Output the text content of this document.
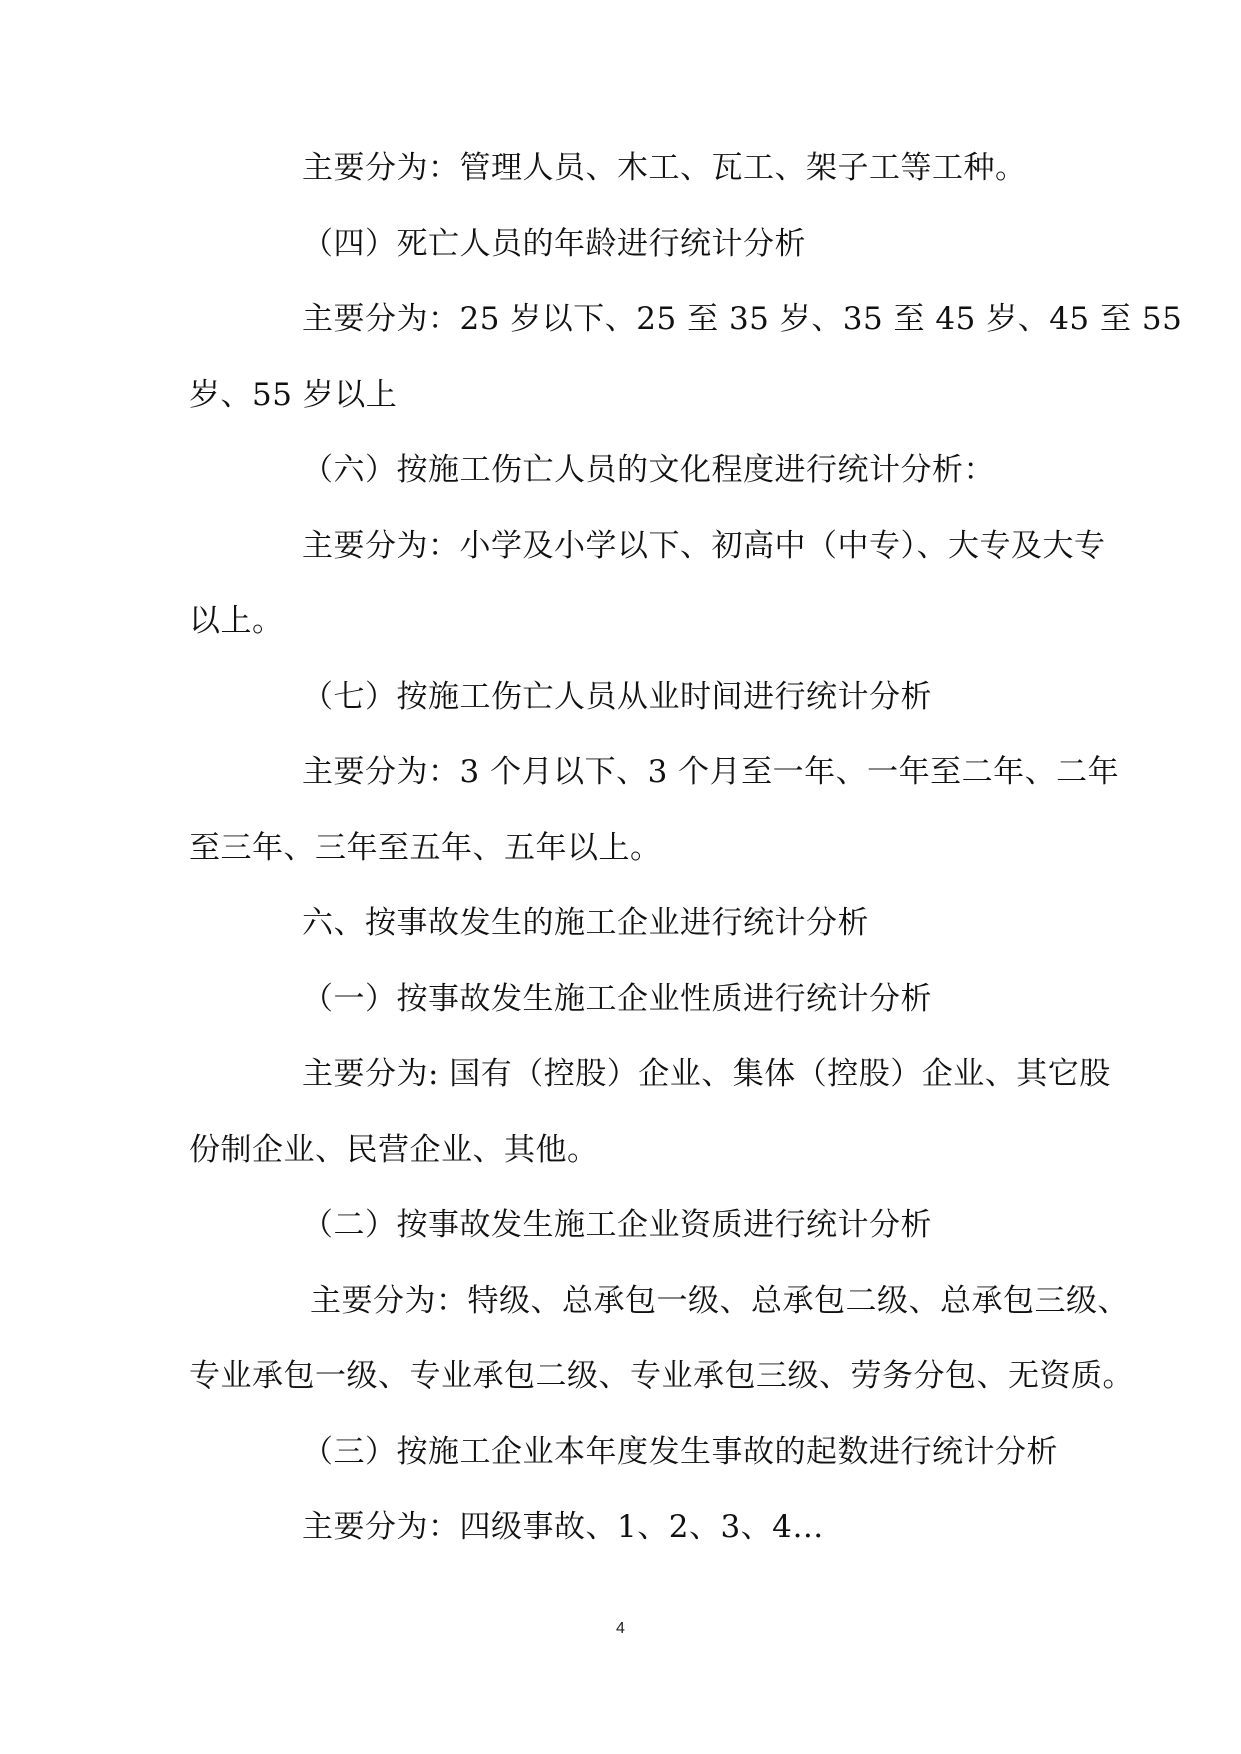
主要分为：管理人员、木工、瓦工、架子工等工种。
（四）死亡人员的年龄进行统计分析
主要分为：25 岁以下、25 至 35 岁、35 至 45 岁、45 至 55
岁、55 岁以上
（六）按施工伤亡人员的文化程度进行统计分析：
主要分为：小学及小学以下、初高中（中专）、大专及大专
以上。
（七）按施工伤亡人员从业时间进行统计分析
主要分为：3 个月以下、3 个月至一年、一年至二年、二年
至三年、三年至五年、五年以上。
六、按事故发生的施工企业进行统计分析
（一）按事故发生施工企业性质进行统计分析
主要分为: 国有（控股）企业、集体（控股）企业、其它股
份制企业、民营企业、其他。
（二）按事故发生施工企业资质进行统计分析
主要分为：特级、总承包一级、总承包二级、总承包三级、
专业承包一级、专业承包二级、专业承包三级、劳务分包、无资质。
（三）按施工企业本年度发生事故的起数进行统计分析
主要分为：四级事故、1、2、3、4…
4
